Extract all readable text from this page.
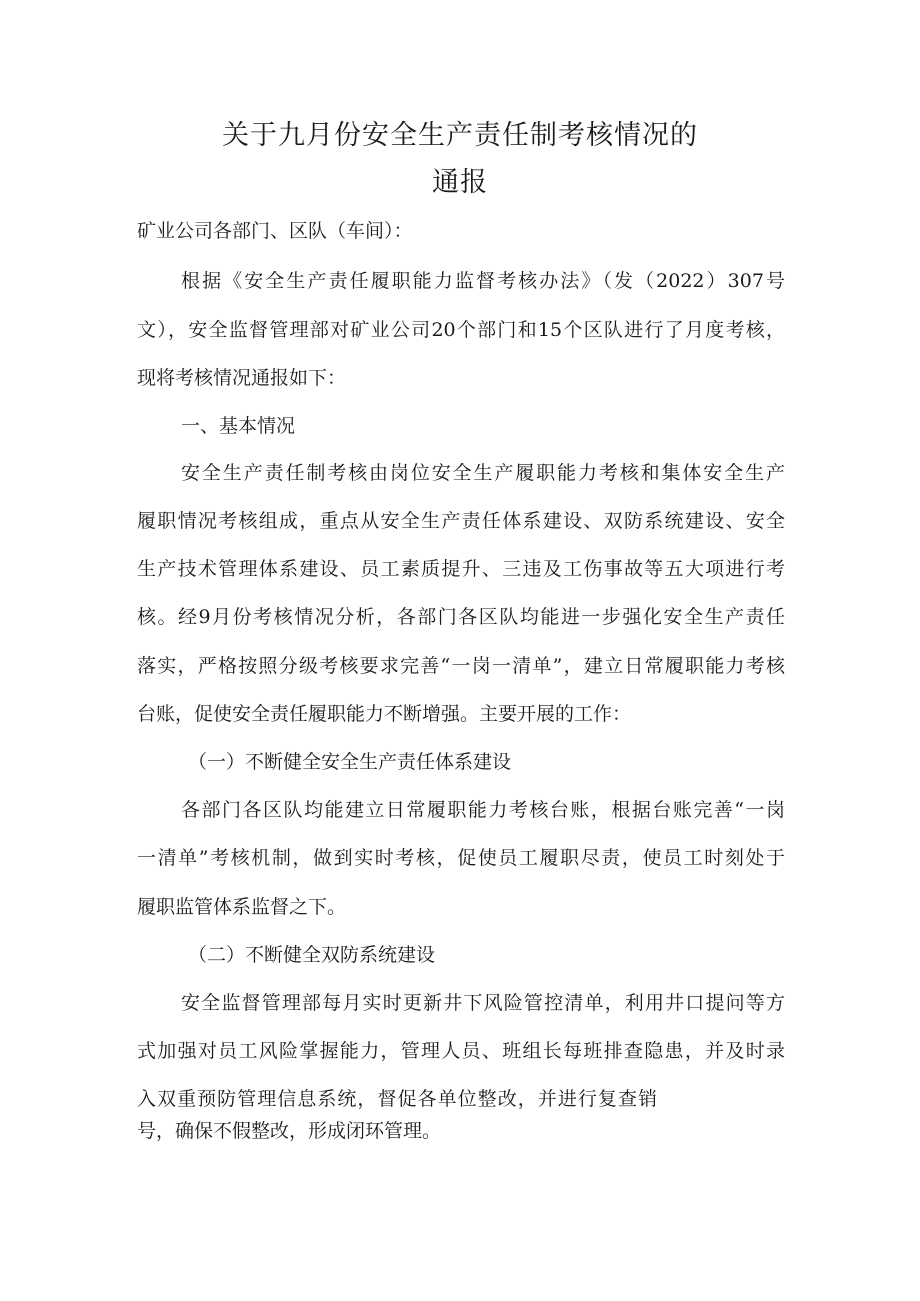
关于九月份安全生产责任制考核情况的
通报
矿业公司各部门、区队（车间）：
根据《安全生产责任履职能力监督考核办法》（发（2022）307号
文），安全监督管理部对矿业公司20个部门和15个区队进行了月度考核，
现将考核情况通报如下：
一、基本情况
安全生产责任制考核由岗位安全生产履职能力考核和集体安全生产
履职情况考核组成，重点从安全生产责任体系建设、双防系统建设、安全
生产技术管理体系建设、员工素质提升、三违及工伤事故等五大项进行考
核。经9月份考核情况分析，各部门各区队均能进一步强化安全生产责任
落实，严格按照分级考核要求完善“一岗一清单”，建立日常履职能力考核
台账，促使安全责任履职能力不断增强。主要开展的工作：
（一）不断健全安全生产责任体系建设
各部门各区队均能建立日常履职能力考核台账，根据台账完善“一岗
一清单”考核机制，做到实时考核，促使员工履职尽责，使员工时刻处于
履职监管体系监督之下。
（二）不断健全双防系统建设
安全监督管理部每月实时更新井下风险管控清单，利用井口提问等方
式加强对员工风险掌握能力，管理人员、班组长每班排查隐患，并及时录
入双重预防管理信息系统，督促各单位整改，并进行复查销
号，确保不假整改，形成闭环管理。
